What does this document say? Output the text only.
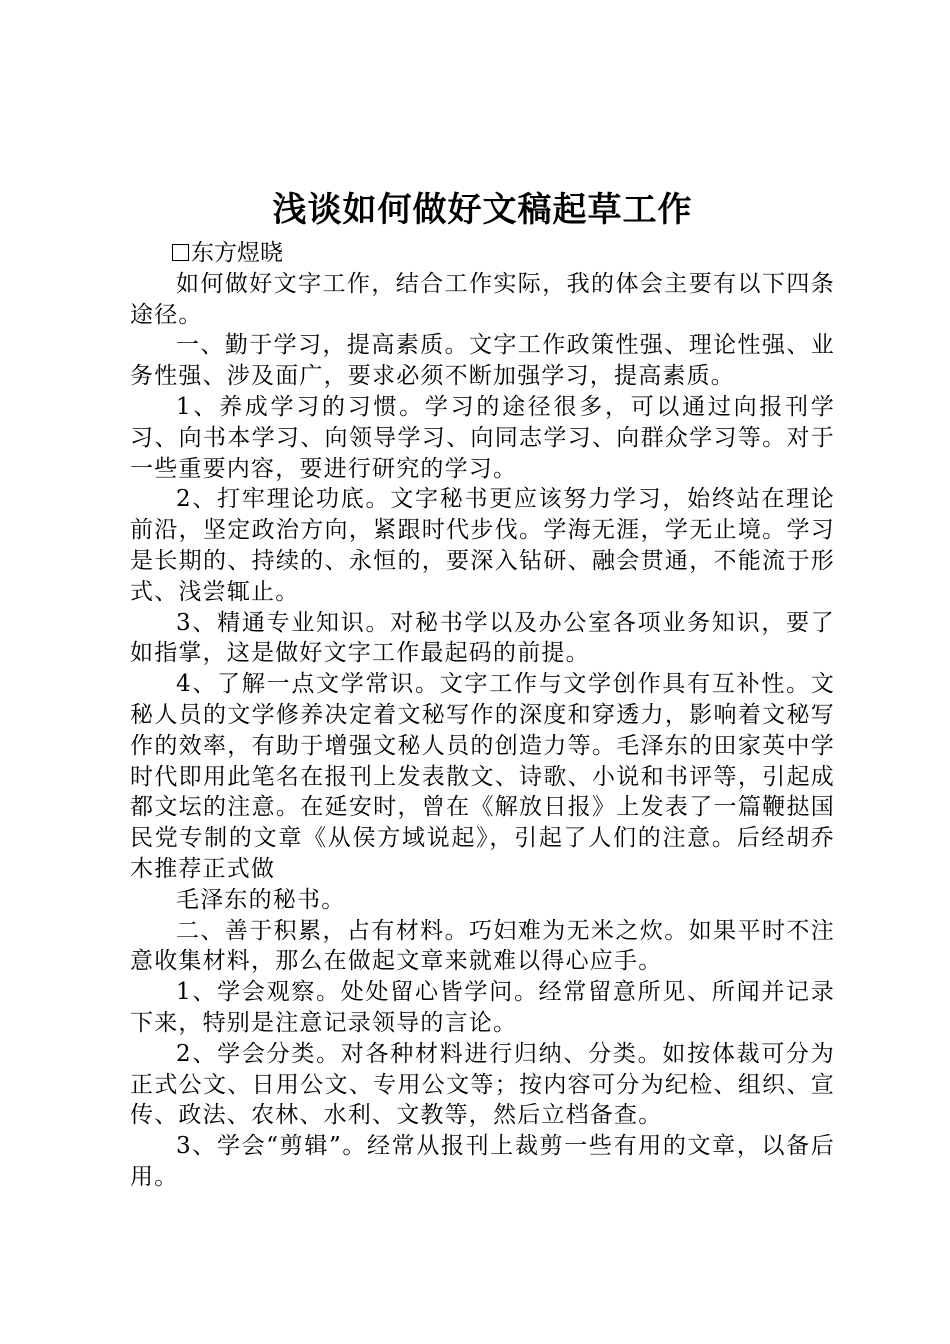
浅谈如何做好文稿起草工作
东方煜晓

如何做好文字工作，结合工作实际，我的体会主要有以下四条途径。

一、勤于学习，提高素质。文字工作政策性强、理论性强、业务性强、涉及面广，要求必须不断加强学习，提高素质。

1、养成学习的习惯。学习的途径很多，可以通过向报刊学习、向书本学习、向领导学习、向同志学习、向群众学习等。对于一些重要内容，要进行研究的学习。

2、打牢理论功底。文字秘书更应该努力学习，始终站在理论前沿，坚定政治方向，紧跟时代步伐。学海无涯，学无止境。学习是长期的、持续的、永恒的，要深入钻研、融会贯通，不能流于形式、浅尝辄止。

3、精通专业知识。对秘书学以及办公室各项业务知识，要了如指掌，这是做好文字工作最起码的前提。

4、了解一点文学常识。文字工作与文学创作具有互补性。文秘人员的文学修养决定着文秘写作的深度和穿透力，影响着文秘写作的效率，有助于增强文秘人员的创造力等。毛泽东的田家英中学时代即用此笔名在报刊上发表散文、诗歌、小说和书评等，引起成都文坛的注意。在延安时，曾在《解放日报》上发表了一篇鞭挞国民党专制的文章《从侯方域说起》，引起了人们的注意。后经胡乔木推荐正式做

毛泽东的秘书。

二、善于积累，占有材料。巧妇难为无米之炊。如果平时不注意收集材料，那么在做起文章来就难以得心应手。

1、学会观察。处处留心皆学问。经常留意所见、所闻并记录下来，特别是注意记录领导的言论。

2、学会分类。对各种材料进行归纳、分类。如按体裁可分为正式公文、日用公文、专用公文等；按内容可分为纪检、组织、宣传、政法、农林、水利、文教等，然后立档备查。

3、学会“剪辑”。经常从报刊上裁剪一些有用的文章，以备后用。
